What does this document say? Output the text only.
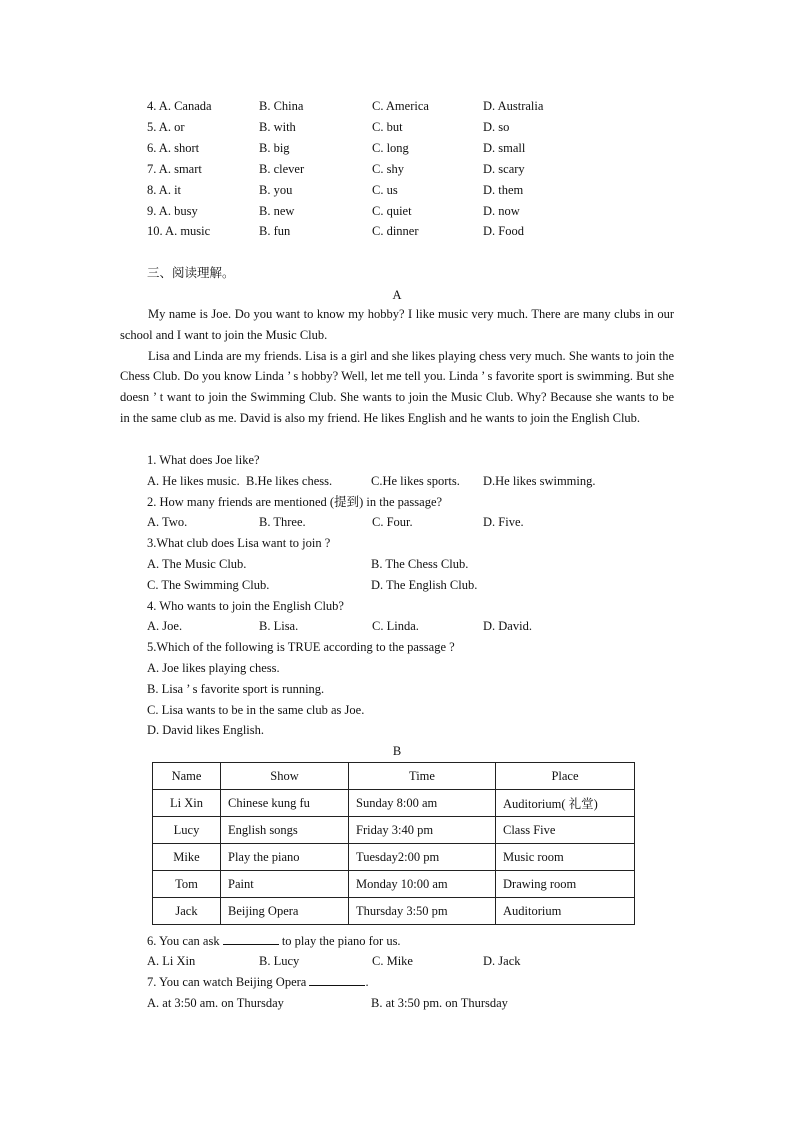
4. A. Canada	B. China	C. America	D. Australia
5. A. or	B. with	C. but	D. so
6. A. short	B. big	C. long	D. small
7. A. smart	B. clever	C. shy	D. scary
8. A. it	B. you	C. us	D. them
9. A. busy	B. new	C. quiet	D. now
10. A. music	B. fun	C. dinner	D. Food
三、阅读理解。
A

My name is Joe. Do you want to know my hobby? I like music very much. There are many clubs in our school and I want to join the Music Club.

Lisa and Linda are my friends. Lisa is a girl and she likes playing chess very much. She wants to join the Chess Club. Do you know Linda ’ s hobby? Well, let me tell you. Linda ’ s favorite sport is swimming. But she doesn ’ t want to join the Swimming Club. She wants to join the Music Club. Why? Because she wants to be in the same club as me. David is also my friend. He likes English and he wants to join the English Club.

1. What does Joe like?
A. He likes music. B.He likes chess.	C.He likes sports. D.He likes swimming.
2. How many friends are mentioned (提到) in the passage?
A. Two.	B. Three.	C. Four.	D. Five.
3.What club does Lisa want to join ?
A. The Music Club.	B. The Chess Club.
C. The Swimming Club.	D. The English Club.
4. Who wants to join the English Club?
A. Joe.	B. Lisa.	C. Linda.	D. David.
5.Which of the following is TRUE according to the passage ?
A. Joe likes playing chess.
B. Lisa ’ s favorite sport is running.
C. Lisa wants to be in the same club as Joe.
D. David likes English.
B
Name	Show	Time	Place
Li Xin	Chinese kung fu	Sunday 8:00 am	Auditorium( 礼堂)
Lucy	English songs	Friday 3:40 pm	Class Five
Mike	Play the piano	Tuesday2:00 pm	Music room
Tom	Paint	Monday 10:00 am	Drawing room
Jack	Beijing Opera	Thursday 3:50 pm	Auditorium
6. You can ask	to play the piano for us.
A. Li Xin	B. Lucy	C. Mike	D. Jack
7. You can watch Beijing Opera	.
A. at 3:50 am. on Thursday	B. at 3:50 pm. on Thursday
